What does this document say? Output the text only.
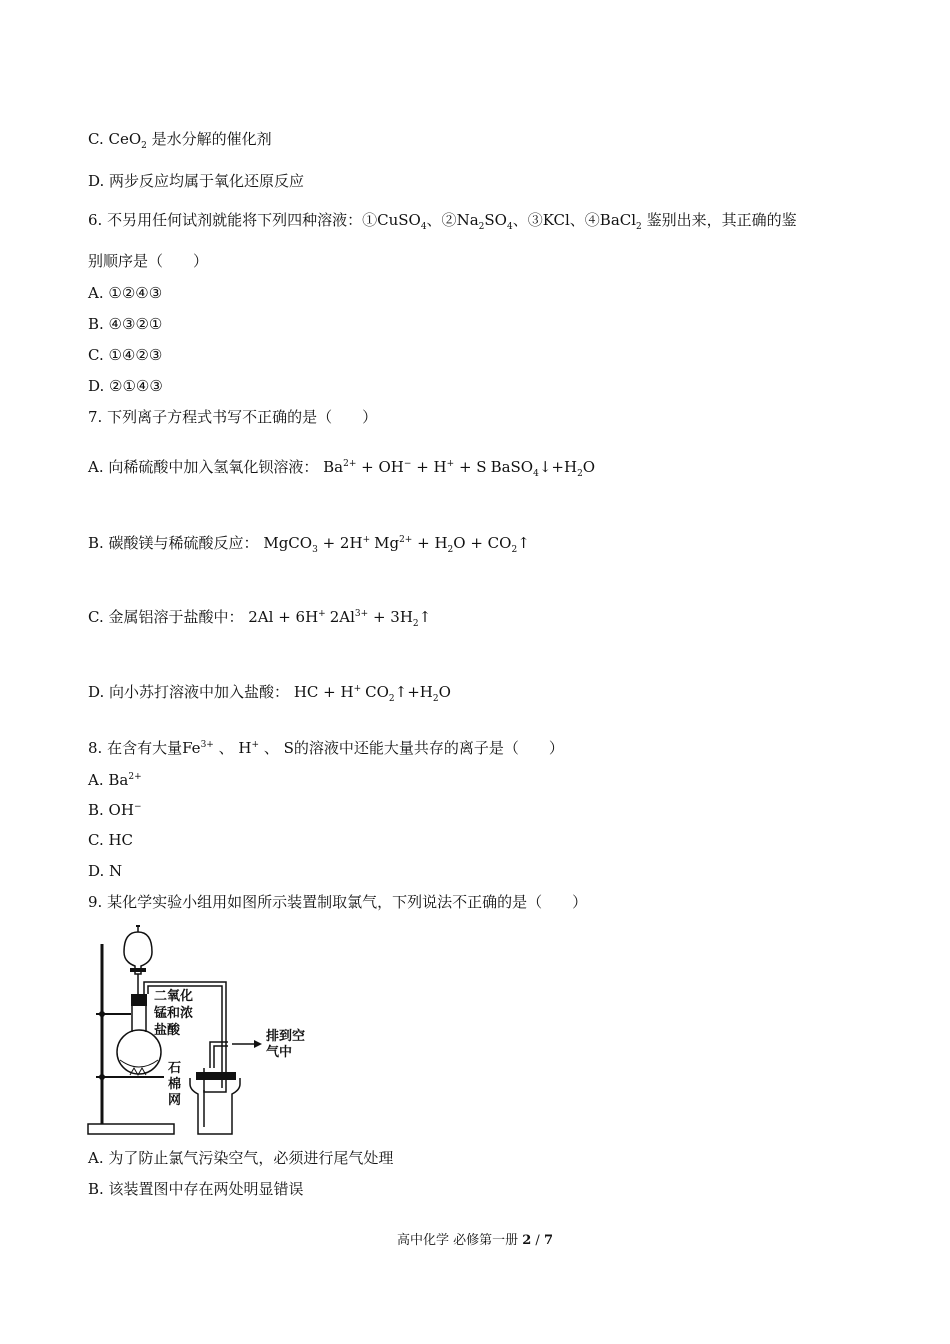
C. CeO$_2$ 是水分解的催化剂
D. 两步反应均属于氧化还原反应
6. 不另用任何试剂就能将下列四种溶液：①CuSO$_4$、$②Na_2SO_4$、③KCl、④BaCl$_2$ 鉴别出来，其正确的鉴
别顺序是（　　）
A. ①②④③
B. ④③②①
C. ①④②③
D. ②①④③
7. 下列离子方程式书写不正确的是（　　）
A. 向稀硫酸中加入氢氧化钡溶液： $Ba^{2+} + OH^- + H^+ + S$ $BaSO_4↓+H_2O$
B. 碳酸镁与稀硫酸反应： MgCO$_3$ + 2H+ $Mg^{2+} + H_2O$ + $CO_2↑$
C. 金属铝溶于盐酸中： 2Al + 6H+ $2Al^{3+}$ + $3H_2↑$
D. 向小苏打溶液中加入盐酸： HC + H+ $CO_2↑+H_2O$
8. 在含有大量$Fe^{3+}$ 、 H+ 、 S的溶液中还能大量共存的离子是（　　）
A. $Ba^{2+}$
B. OH−
C. HC
D. N
9. 某化学实验小组用如图所示装置制取氯气，下列说法不正确的是（　　）
二氧化
锰和浓
盐酸	排到空
气中
石
棉
网
A. 为了防止氯气污染空气，必须进行尾气处理
B. 该装置图中存在两处明显错误
高中化学 必修第一册 2 / 7
